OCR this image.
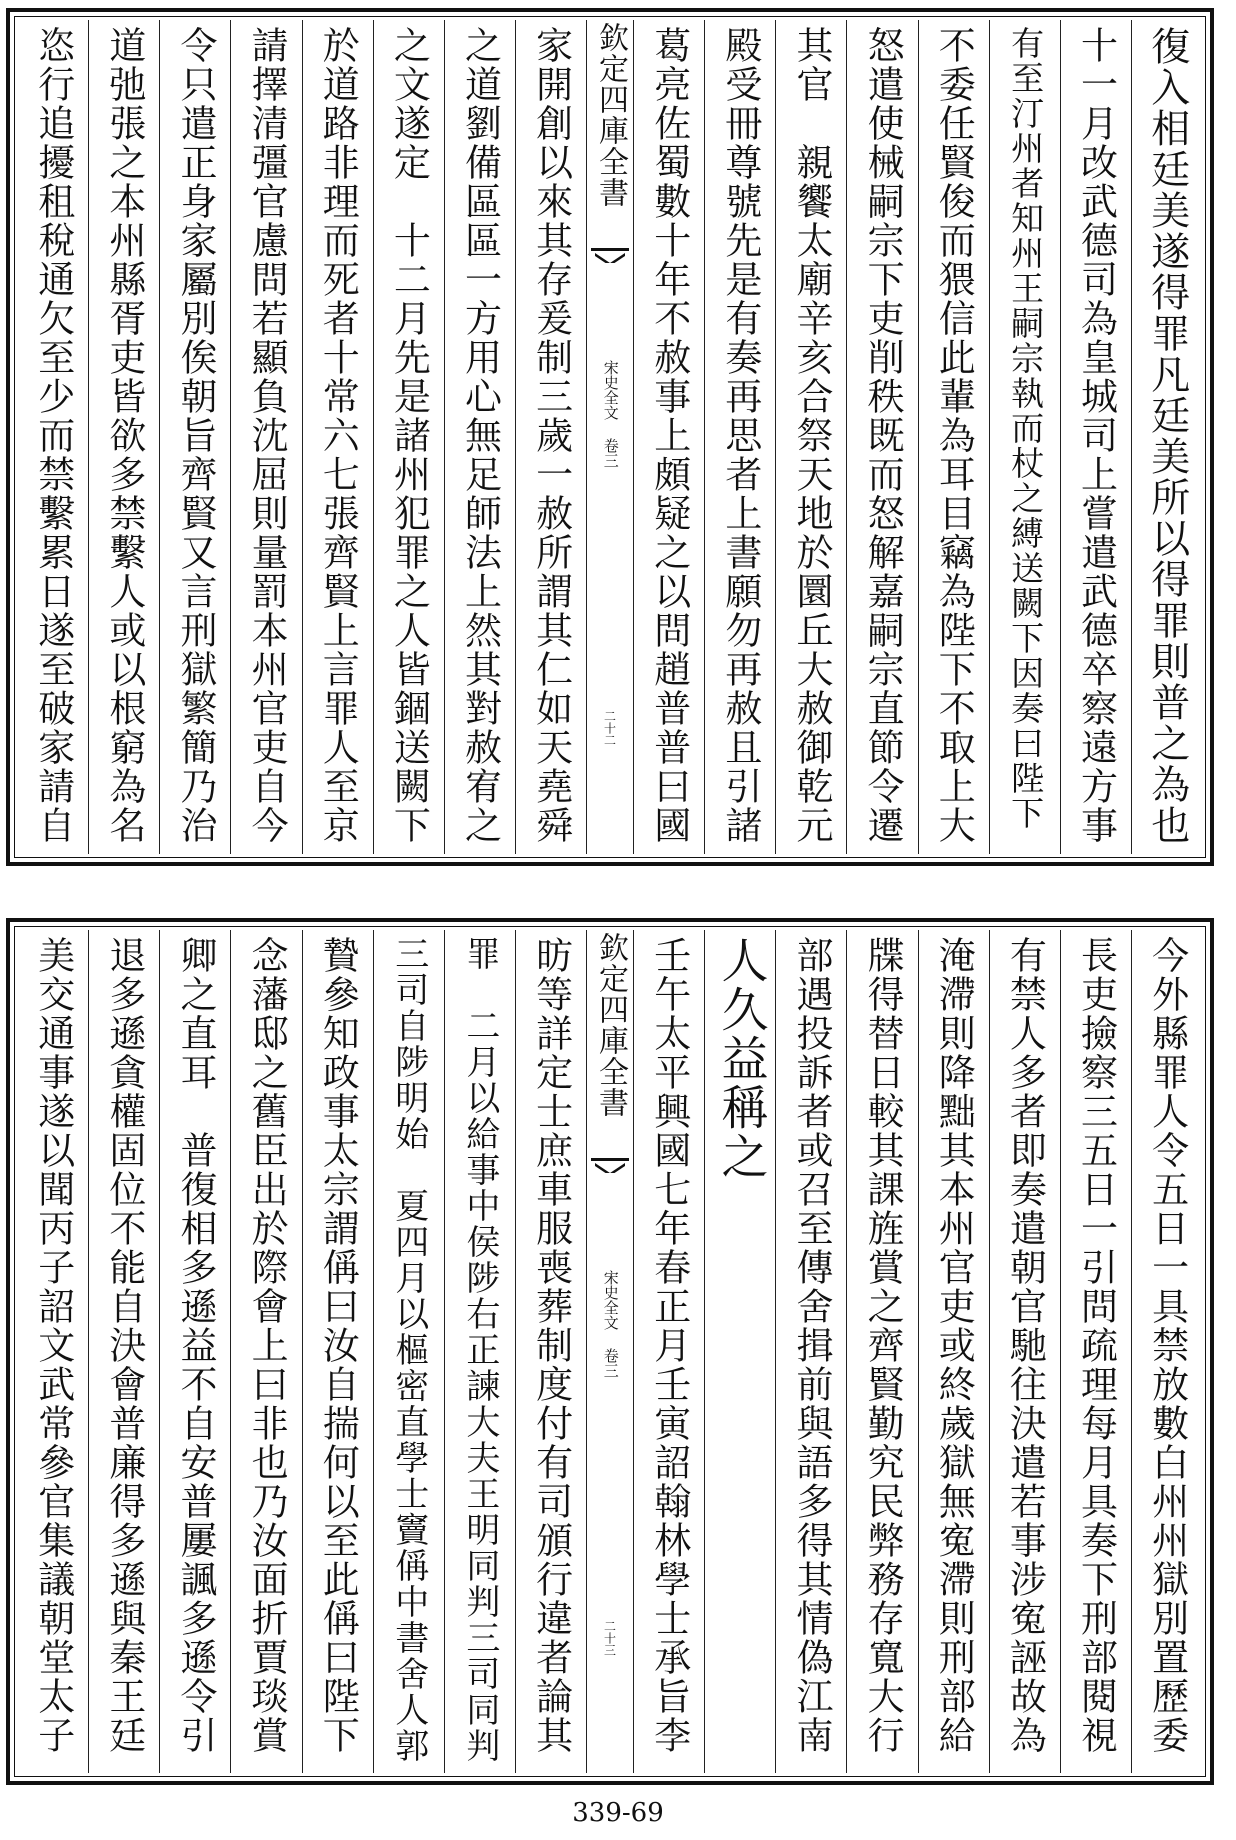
復入相廷美遂得罪凡廷美所以得罪則普之為也
十一月改武德司為皇城司上嘗遣武德卒察遠方事
有至汀州者知州王嗣宗執而杖之縛送闕下因奏曰陛下
不委任賢俊而猥信此輩為耳目竊為陛下不取上大
怒遣使械嗣宗下吏削秩既而怒解嘉嗣宗直節令遷
其官　親饗太廟辛亥合祭天地於圜丘大赦御乾元
殿受冊尊號先是有奏再思者上書願勿再赦且引諸
葛亮佐蜀數十年不赦事上頗疑之以問趙普普曰國
欽定四庫全書
宋史全文 卷三
二十二
家開創以來其存爰制三歲一赦所謂其仁如天堯舜
之道劉備區區一方用心無足師法上然其對赦宥之
之文遂定　十二月先是諸州犯罪之人皆錮送闕下
於道路非理而死者十常六七張齊賢上言罪人至京
請擇清彊官慮問若顯負沈屈則量罰本州官吏自今
令只遣正身家屬別俟朝旨齊賢又言刑獄繁簡乃治
道弛張之本州縣胥吏皆欲多禁繫人或以根窮為名
恣行追擾租稅通欠至少而禁繫累日遂至破家請自
今外縣罪人令五日一具禁放數白州州獄別置歷委
長吏撿察三五日一引問疏理每月具奏下刑部閱視
有禁人多者即奏遣朝官馳往決遣若事涉寃誣故為
淹滯則降黜其本州官吏或終歲獄無寃滯則刑部給
牒得替日較其課旌賞之齊賢勤究民弊務存寬大行
部遇投訴者或召至傳舍揖前與語多得其情偽江南
人久益稱之
壬午太平興國七年春正月壬寅詔翰林學士承旨李
欽定四庫全書
宋史全文 卷三
二十三
昉等詳定士庶車服喪葬制度付有司頒行違者論其
罪　二月以給事中侯陟右正諫大夫王明同判三司同判
三司自陟明始　夏四月以樞密直學士竇偁中書舍人郭
贄參知政事太宗謂偁曰汝自揣何以至此偁曰陛下
念藩邸之舊臣出於際會上曰非也乃汝面折賈琰賞
卿之直耳　普復相多遜益不自安普屢諷多遜令引
退多遜貪權固位不能自決會普廉得多遜與秦王廷
美交通事遂以聞丙子詔文武常參官集議朝堂太子
339-69
